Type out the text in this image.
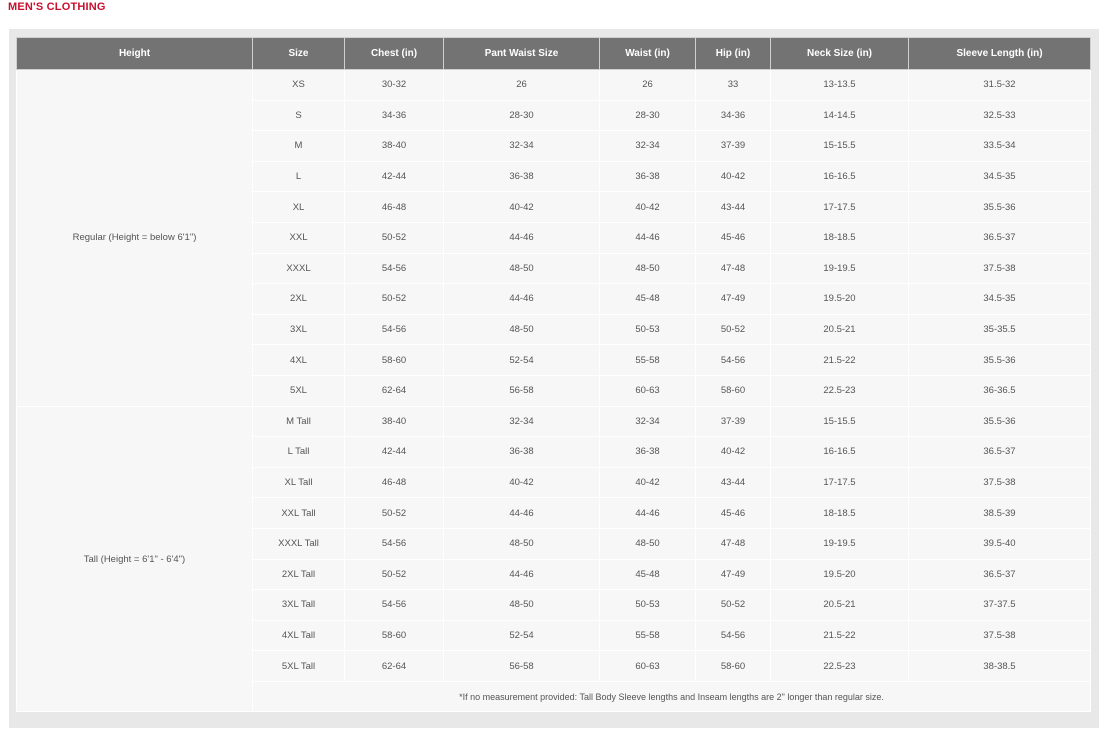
MEN'S CLOTHING
Height	Size	Chest (in)	Pant Waist Size	Waist (in)	Hip (in)	Neck Size (in)	Sleeve Length (in)
Regular (Height = below 6'1")	XS	30-32	26	26	33	13-13.5	31.5-32
	S	34-36	28-30	28-30	34-36	14-14.5	32.5-33
	M	38-40	32-34	32-34	37-39	15-15.5	33.5-34
	L	42-44	36-38	36-38	40-42	16-16.5	34.5-35
	XL	46-48	40-42	40-42	43-44	17-17.5	35.5-36
	XXL	50-52	44-46	44-46	45-46	18-18.5	36.5-37
	XXXL	54-56	48-50	48-50	47-48	19-19.5	37.5-38
	2XL	50-52	44-46	45-48	47-49	19.5-20	34.5-35
	3XL	54-56	48-50	50-53	50-52	20.5-21	35-35.5
	4XL	58-60	52-54	55-58	54-56	21.5-22	35.5-36
	5XL	62-64	56-58	60-63	58-60	22.5-23	36-36.5
Tall (Height = 6'1" - 6'4")	M Tall	38-40	32-34	32-34	37-39	15-15.5	35.5-36
	L Tall	42-44	36-38	36-38	40-42	16-16.5	36.5-37
	XL Tall	46-48	40-42	40-42	43-44	17-17.5	37.5-38
	XXL Tall	50-52	44-46	44-46	45-46	18-18.5	38.5-39
	XXXL Tall	54-56	48-50	48-50	47-48	19-19.5	39.5-40
	2XL Tall	50-52	44-46	45-48	47-49	19.5-20	36.5-37
	3XL Tall	54-56	48-50	50-53	50-52	20.5-21	37-37.5
	4XL Tall	58-60	52-54	55-58	54-56	21.5-22	37.5-38
	5XL Tall	62-64	56-58	60-63	58-60	22.5-23	38-38.5
	*If no measurement provided: Tall Body Sleeve lengths and Inseam lengths are 2" longer than regular size.						
